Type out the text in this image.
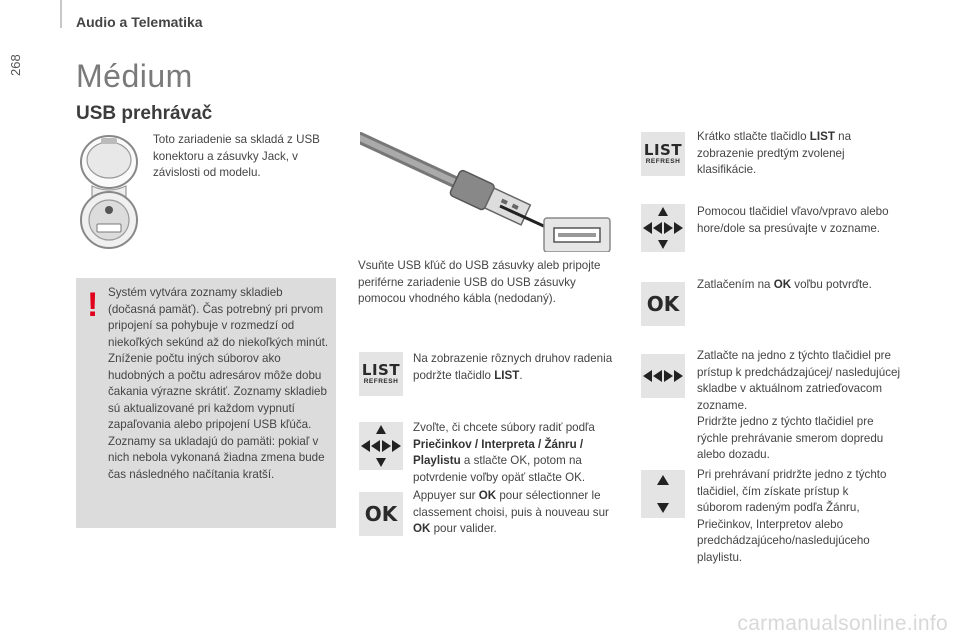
268
Audio a Telematika
Médium
USB prehrávač
Toto zariadenie sa skladá z USB konektoru a zásuvky Jack, v závislosti od modelu.
! Systém vytvára zoznamy skladieb (dočasná pamäť). Čas potrebný pri prvom pripojení sa pohybuje v rozmedzí od niekoľkých sekúnd až do niekoľkých minút.
Zníženie počtu iných súborov ako hudobných a počtu adresárov môže dobu čakania výrazne skrátiť. Zoznamy skladieb sú aktualizované pri každom vypnutí zapaľovania alebo pripojení USB kľúča.
Zoznamy sa ukladajú do pamäti: pokiaľ v nich nebola vykonaná žiadna zmena bude čas následného načítania kratší.
Vsuňte USB kľúč do USB zásuvky aleb pripojte periférne zariadenie USB do USB zásuvky pomocou vhodného kábla (nedodaný).
LIST
REFRESH
Na zobrazenie rôznych druhov radenia podržte tlačidlo LIST.
Zvoľte, či chcete súbory radiť podľa Priečinkov / Interpreta / Žánru / Playlistu a stlačte OK, potom na potvrdenie voľby opäť stlačte OK.
OK
Appuyer sur OK pour sélectionner le classement choisi, puis à nouveau sur OK pour valider.
LIST
REFRESH
Krátko stlačte tlačidlo LIST na zobrazenie predtým zvolenej klasifikácie.
Pomocou tlačidiel vľavo/vpravo alebo hore/dole sa presúvajte v zozname.
OK
Zatlačením na OK voľbu potvrďte.
Zatlačte na jedno z týchto tlačidiel pre prístup k predchádzajúcej/ nasledujúcej skladbe v aktuálnom zatrieďovacom zozname.
Pridržte jedno z týchto tlačidiel pre rýchle prehrávanie smerom dopredu alebo dozadu.
Pri prehrávaní pridržte jedno z týchto tlačidiel, čím získate prístup k súborom radeným podľa Žánru, Priečinkov, Interpretov alebo predchádzajúceho/nasledujúceho playlistu.
carmanualsonline.info
